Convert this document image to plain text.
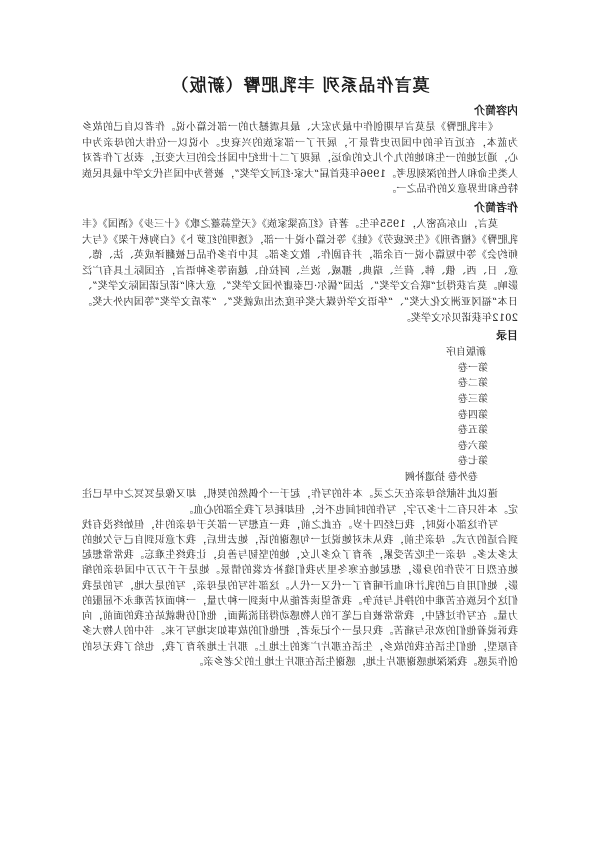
莫言作品系列 丰乳肥臀（新版）
内容简介

《丰乳肥臀》是莫言早期创作中最为宏大、最具震撼力的一部长篇小说。作者以自己的故乡为蓝本，在近百年的中国历史背景下，展开了一部家族的兴衰史。小说以一位伟大的母亲为中心，通过她的一生和她的九个儿女的命运，展现了二十世纪中国社会的巨大变迁，表达了作者对人类生命和人性的深刻思考。1996年获首届“大家·红河文学奖”，被誉为中国当代文学中最具民族特色和世界意义的作品之一。

作者简介

莫言，山东高密人，1955年生。著有《红高粱家族》《天堂蒜薹之歌》《十三步》《酒国》《丰乳肥臀》《檀香刑》《生死疲劳》《蛙》等长篇小说十一部，《透明的红萝卜》《白狗秋千架》《与大师约会》等中短篇小说一百余部，并有剧作、散文多部。其中许多作品已被翻译成英、法、德、意、日、西、俄、韩、荷兰、瑞典、挪威、波兰、阿拉伯、越南等多种语言，在国际上具有广泛影响。莫言获得过“联合文学奖”、法国“儒尔·巴泰庸外国文学奖”、意大利“诺尼诺国际文学奖”、日本“福冈亚洲文化大奖”、“华语文学传媒大奖年度杰出成就奖”、“茅盾文学奖”等国内外大奖。2012年获诺贝尔文学奖。

目录
新版自序
第一卷
第二卷
第三卷
第四卷
第五卷
第六卷
第七卷
卷外卷 拾遗补阙

谨以此书献给母亲在天之灵。本书的写作，起于一个偶然的契机，却又像是冥冥之中早已注定。本书只有二十多万字，写作的时间也不长，但却耗尽了我全部的心血。

写作这部小说时，我已经四十岁。在此之前，我一直想写一部关于母亲的书，但始终没有找到合适的方式。母亲生前，我从未对她说过一句感谢的话，她去世后，我才意识到自己亏欠她的太多太多。母亲一生吃苦受累，养育了众多儿女，她的坚韧与善良，让我终生难忘。我常常想起她在烈日下劳作的身影，想起她在寒冬里为我们缝补衣裳的情景。她是千千万万中国母亲的缩影，她们用自己的乳汁和血汗哺育了一代又一代人。这部书写的是母亲，写的是大地，写的是我们这个民族在苦难中的挣扎与抗争。我希望读者能从中读到一种力量，一种面对苦难永不屈服的力量。在写作过程中，我常常被自己笔下的人物感动得泪流满面，他们仿佛就站在我的面前，向我诉说着他们的欢乐与痛苦。我只是一个记录者，把他们的故事如实地写下来。书中的人物大多有原型，他们生活在我的故乡，生活在那片广袤的土地上。那片土地养育了我，也给了我无尽的创作灵感。我深深地感谢那片土地，感谢生活在那片土地上的父老乡亲。
